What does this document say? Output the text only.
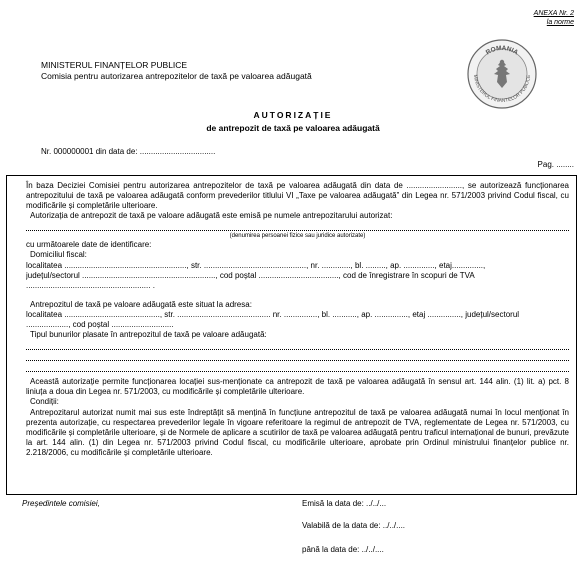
ANEXA Nr. 2
la norme
MINISTERUL FINANȚELOR PUBLICE
Comisia pentru autorizarea antrepozitelor de taxă pe valoarea adăugată
ROMANIA
MINISTERUL FINANTELOR PUBLICE
AUTORIZAȚIE
de antrepozit de taxă pe valoarea adăugată
Nr. 000000001 din data de: ..................................
Pag. ........
În baza Deciziei Comisiei pentru autorizarea antrepozitelor de taxă pe valoarea adăugată din data de ........................., se autorizează funcționarea antrepozitului de taxă pe valoarea adăugată conform prevederilor titlului VI „Taxe pe valoarea adăugată” din Legea nr. 571/2003 privind Codul fiscal, cu modificările și completările ulterioare.
Autorizația de antrepozit de taxă pe valoare adăugată este emisă pe numele antrepozitarului autorizat:
(denumirea persoanei fizice sau juridice autorizate)
cu următoarele date de identificare:
Domiciliul fiscal:
localitatea ......................................................., str. .............................................., nr. ............., bl. ........., ap. .............., etaj..............,
județul/sectorul ............................................................, cod poștal ...................................., cod de înregistrare în scopuri de TVA
........................................................ .
Antrepozitul de taxă pe valoare adăugată este situat la adresa:
localitatea ..........................................., str. .......................................... nr. ..............., bl. ..........., ap. ..............., etaj ..............., județul/sectorul
..................., cod poștal ............................
Tipul bunurilor plasate în antrepozitul de taxă pe valoare adăugată:
Această autorizație permite funcționarea locației sus-menționate ca antrepozit de taxă pe valoarea adăugată în sensul art. 144 alin. (1) lit. a) pct. 8 liniuța a doua din Legea nr. 571/2003, cu modificările și completările ulterioare.
Condiții:
Antrepozitarul autorizat numit mai sus este îndreptățit să mențină în funcțiune antrepozitul de taxă pe valoarea adăugată numai în locul menționat în prezenta autorizație, cu respectarea prevederilor legale în vigoare referitoare la regimul de antrepozit de TVA, reglementate de Legea nr. 571/2003, cu modificările și completările ulterioare, și de Normele de aplicare a scutirilor de taxă pe valoarea adăugată pentru traficul internațional de bunuri, prevăzute la art. 144 alin. (1) din Legea nr. 571/2003 privind Codul fiscal, cu modificările ulterioare, aprobate prin Ordinul ministrului finanțelor publice nr. 2.218/2006, cu modificările și completările ulterioare.
Președintele comisiei,	Emisă la data de: ../../...
Valabilă de la data de: ../../....
până la data de: ../../....
